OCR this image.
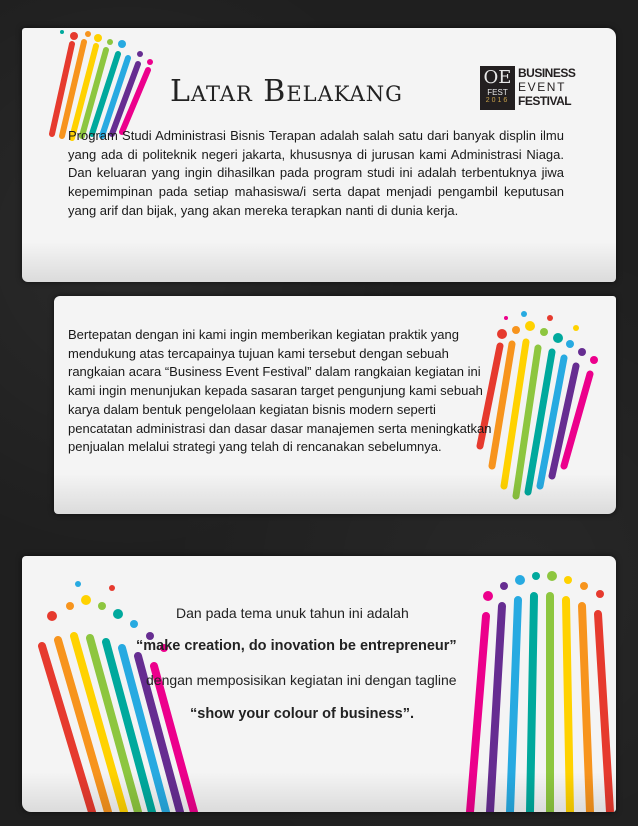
Latar Belakang	OE
FEST
2016
BUSINESS
EVENT
FESTIVAL

Program Studi Administrasi Bisnis Terapan adalah salah satu dari banyak displin ilmu yang ada di politeknik negeri jakarta, khususnya di jurusan kami Administrasi Niaga. Dan keluaran yang ingin dihasilkan pada program studi ini adalah terbentuknya jiwa kepemimpinan pada setiap mahasiswa/i serta dapat menjadi pengambil keputusan yang arif dan bijak, yang akan mereka terapkan nanti di dunia kerja.

Bertepatan dengan ini kami ingin memberikan kegiatan praktik yang mendukung atas tercapainya tujuan kami tersebut dengan sebuah rangkaian acara “Business Event Festival” dalam rangkaian kegiatan ini kami ingin menunjukan kepada sasaran target pengunjung kami sebuah karya dalam bentuk pengelolaan kegiatan bisnis modern seperti pencatatan administrasi dan dasar dasar manajemen serta meningkatkan penjualan melalui strategi yang telah di rencanakan sebelumnya.

Dan pada tema unuk tahun ini adalah

“make creation, do inovation be entrepreneur”

dengan memposisikan kegiatan ini dengan tagline

“show your colour of business”.
